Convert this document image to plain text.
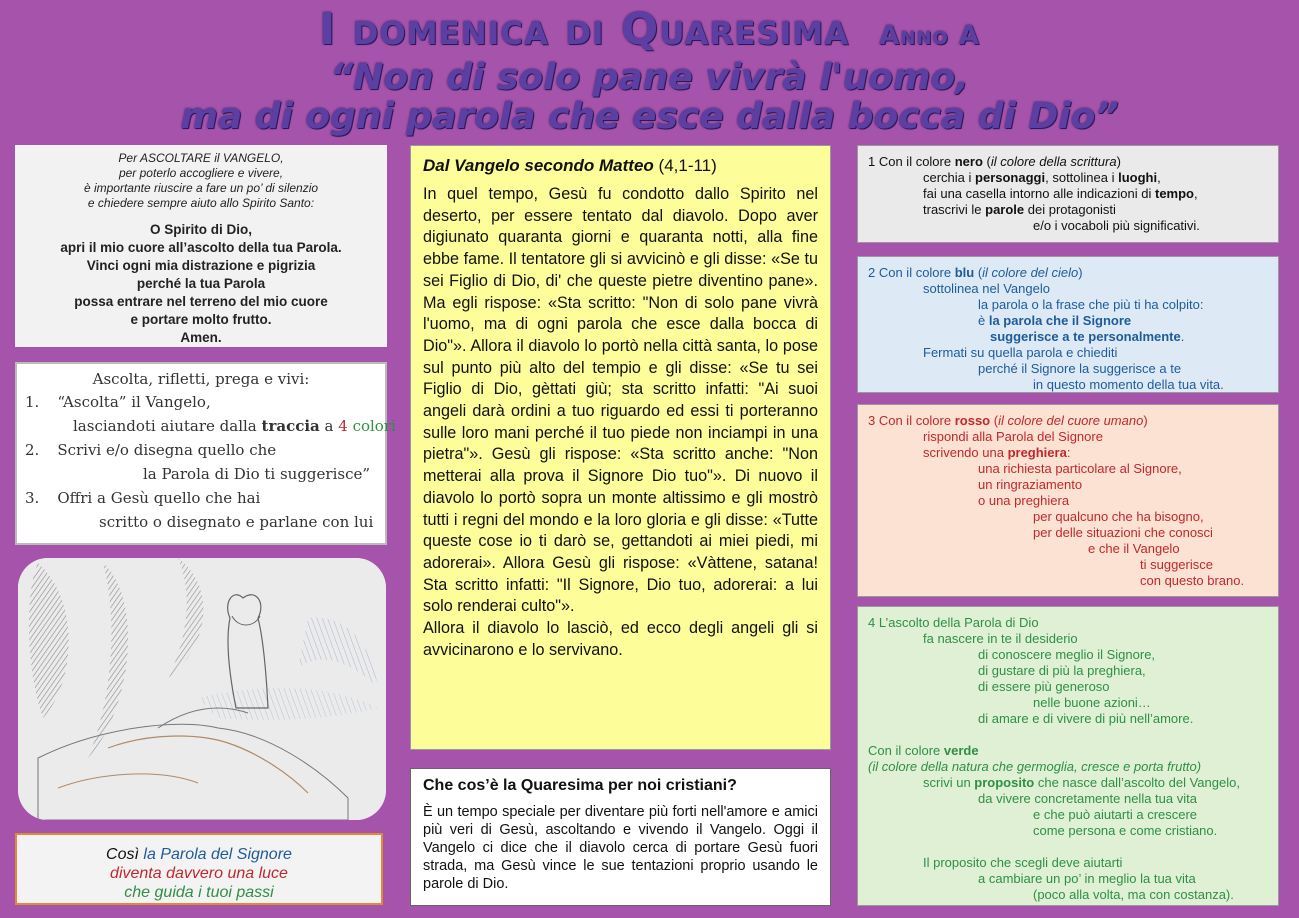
I domenica di Quaresima Anno A
“Non di solo pane vivrà l'uomo,
ma di ogni parola che esce dalla bocca di Dio”
Per ASCOLTARE il VANGELO,
per poterlo accogliere e vivere,
è importante riuscire a fare un po’ di silenzio
e chiedere sempre aiuto allo Spirito Santo:
O Spirito di Dio,
apri il mio cuore all’ascolto della tua Parola.
Vinci ogni mia distrazione e pigrizia
perché la tua Parola
possa entrare nel terreno del mio cuore
e portare molto frutto.
Amen.
Ascolta, rifletti, prega e vivi:
1. “Ascolta” il Vangelo,
lasciandoti aiutare dalla traccia a 4 colori
2. Scrivi e/o disegna quello che
la Parola di Dio ti suggerisce”
3. Offri a Gesù quello che hai
scritto o disegnato e parlane con lui
Così la Parola del Signore
diventa davvero una luce
che guida i tuoi passi
Dal Vangelo secondo Matteo (4,1-11)
In quel tempo, Gesù fu condotto dallo Spirito nel deserto, per essere tentato dal diavolo. Dopo aver digiunato quaranta giorni e quaranta notti, alla fine ebbe fame. Il tentatore gli si avvicinò e gli disse: «Se tu sei Figlio di Dio, di' che queste pietre diventino pane». Ma egli rispose: «Sta scritto: "Non di solo pane vivrà l'uomo, ma di ogni parola che esce dalla bocca di Dio"». Allora il diavolo lo portò nella città santa, lo pose sul punto più alto del tempio e gli disse: «Se tu sei Figlio di Dio, gèttati giù; sta scritto infatti: "Ai suoi angeli darà ordini a tuo riguardo ed essi ti porteranno sulle loro mani perché il tuo piede non inciampi in una pietra"». Gesù gli rispose: «Sta scritto anche: "Non metterai alla prova il Signore Dio tuo"». Di nuovo il diavolo lo portò sopra un monte altissimo e gli mostrò tutti i regni del mondo e la loro gloria e gli disse: «Tutte queste cose io ti darò se, gettandoti ai miei piedi, mi adorerai». Allora Gesù gli rispose: «Vàttene, satana! Sta scritto infatti: "Il Signore, Dio tuo, adorerai: a lui solo renderai culto"».
Allora il diavolo lo lasciò, ed ecco degli angeli gli si avvicinarono e lo servivano.
Che cos’è la Quaresima per noi cristiani?
È un tempo speciale per diventare più forti nell'amore e amici più veri di Gesù, ascoltando e vivendo il Vangelo. Oggi il Vangelo ci dice che il diavolo cerca di portare Gesù fuori strada, ma Gesù vince le sue tentazioni proprio usando le parole di Dio.
1 Con il colore nero (il colore della scrittura)
cerchia i personaggi, sottolinea i luoghi,
fai una casella intorno alle indicazioni di tempo,
trascrivi le parole dei protagonisti
e/o i vocaboli più significativi.
2 Con il colore blu (il colore del cielo)
sottolinea nel Vangelo
la parola o la frase che più ti ha colpito:
è la parola che il Signore
suggerisce a te personalmente.
Fermati su quella parola e chiediti
perché il Signore la suggerisce a te
in questo momento della tua vita.
3 Con il colore rosso (il colore del cuore umano)
rispondi alla Parola del Signore
scrivendo una preghiera:
una richiesta particolare al Signore,
un ringraziamento
o una preghiera
per qualcuno che ha bisogno,
per delle situazioni che conosci
e che il Vangelo
ti suggerisce
con questo brano.
4 L’ascolto della Parola di Dio
fa nascere in te il desiderio
di conoscere meglio il Signore,
di gustare di più la preghiera,
di essere più generoso
nelle buone azioni…
di amare e di vivere di più nell’amore.
Con il colore verde
(il colore della natura che germoglia, cresce e porta frutto)
scrivi un proposito che nasce dall’ascolto del Vangelo,
da vivere concretamente nella tua vita
e che può aiutarti a crescere
come persona e come cristiano.
Il proposito che scegli deve aiutarti
a cambiare un po’ in meglio la tua vita
(poco alla volta, ma con costanza).
